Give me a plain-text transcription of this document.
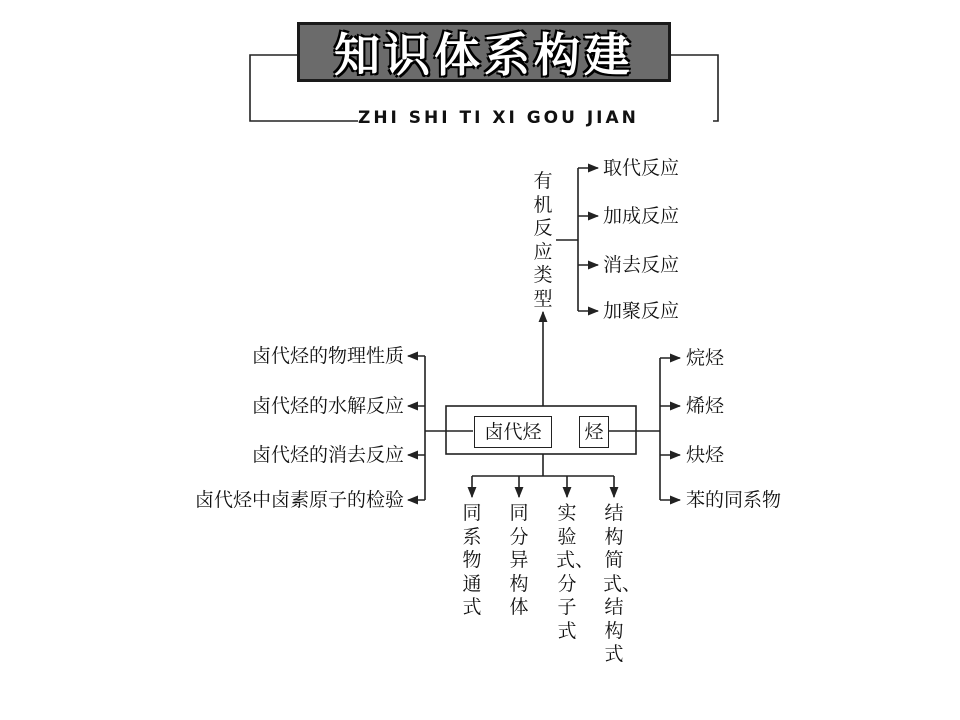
知识体系构建
ZHI SHI TI XI GOU JIAN
卤代烃	烃
有机反应类型
取代反应
加成反应
消去反应
加聚反应
卤代烃的物理性质
卤代烃的水解反应
卤代烃的消去反应
卤代烃中卤素原子的检验
烷烃
烯烃
炔烃
苯的同系物
同系物通式
同分异构体
实验式、分子式
结构简式、结构式
